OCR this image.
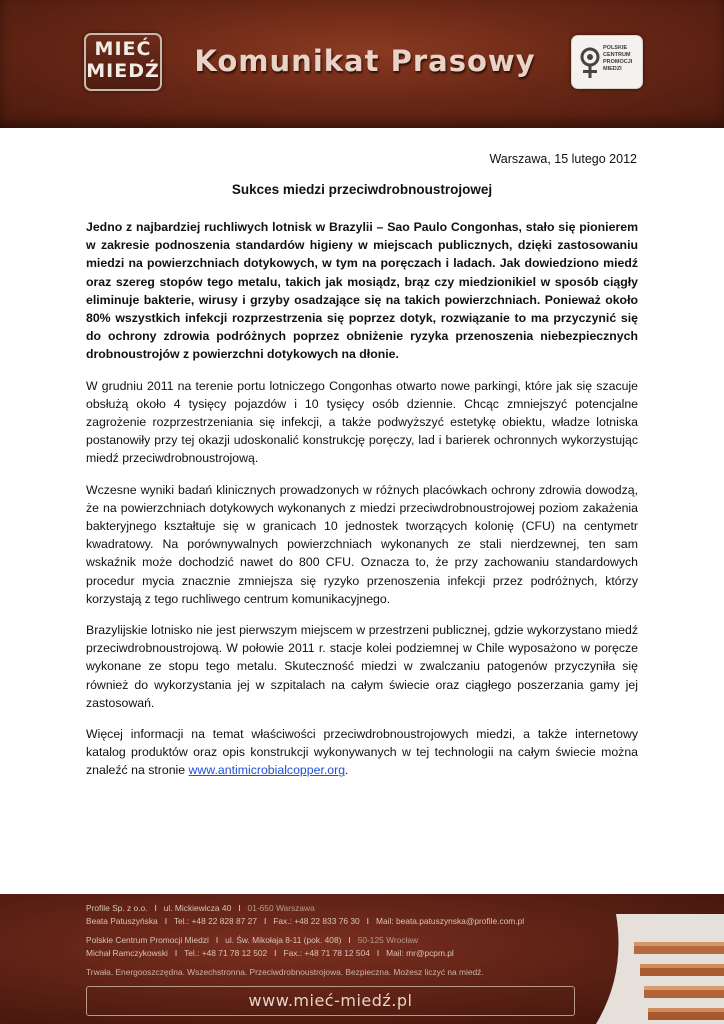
MIEĆ
MIEDŹ	Komunikat Prasowy	POLSKIE
CENTRUM
PROMOCJI
MIEDZI
Warszawa, 15 lutego 2012
Sukces miedzi przeciwdrobnoustrojowej

Jedno z najbardziej ruchliwych lotnisk w Brazylii – Sao Paulo Congonhas, stało się pionierem w zakresie podnoszenia standardów higieny w miejscach publicznych, dzięki zastosowaniu miedzi na powierzchniach dotykowych, w tym na poręczach i ladach. Jak dowiedziono miedź oraz szereg stopów tego metalu, takich jak mosiądz, brąz czy miedzionikiel w sposób ciągły eliminuje bakterie, wirusy i grzyby osadzające się na takich powierzchniach. Ponieważ około 80% wszystkich infekcji rozprzestrzenia się poprzez dotyk, rozwiązanie to ma przyczynić się do ochrony zdrowia podróżnych poprzez obniżenie ryzyka przenoszenia niebezpiecznych drobnoustrojów z powierzchni dotykowych na dłonie.

W grudniu 2011 na terenie portu lotniczego Congonhas otwarto nowe parkingi, które jak się szacuje obsłużą około 4 tysięcy pojazdów i 10 tysięcy osób dziennie. Chcąc zmniejszyć potencjalne zagrożenie rozprzestrzeniania się infekcji, a także podwyższyć estetykę obiektu, władze lotniska postanowiły przy tej okazji udoskonalić konstrukcję poręczy, lad i barierek ochronnych wykorzystując miedź przeciwdrobnoustrojową.

Wczesne wyniki badań klinicznych prowadzonych w różnych placówkach ochrony zdrowia dowodzą, że na powierzchniach dotykowych wykonanych z miedzi przeciwdrobnoustrojowej poziom zakażenia bakteryjnego kształtuje się w granicach 10 jednostek tworzących kolonię (CFU) na centymetr kwadratowy. Na porównywalnych powierzchniach wykonanych ze stali nierdzewnej, ten sam wskaźnik może dochodzić nawet do 800 CFU. Oznacza to, że przy zachowaniu standardowych procedur mycia znacznie zmniejsza się ryzyko przenoszenia infekcji przez podróżnych, którzy korzystają z tego ruchliwego centrum komunikacyjnego.

Brazylijskie lotnisko nie jest pierwszym miejscem w przestrzeni publicznej, gdzie wykorzystano miedź przeciwdrobnoustrojową. W połowie 2011 r. stacje kolei podziemnej w Chile wyposażono w poręcze wykonane ze stopu tego metalu. Skuteczność miedzi w zwalczaniu patogenów przyczyniła się również do wykorzystania jej w szpitalach na całym świecie oraz ciągłego poszerzania gamy jej zastosowań.

Więcej informacji na temat właściwości przeciwdrobnoustrojowych miedzi, a także internetowy katalog produktów oraz opis konstrukcji wykonywanych w tej technologii na całym świecie można znaleźć na stronie www.antimicrobialcopper.org.

Profile Sp. z o.o. I ul. Mickiewicza 40 I 01-650 Warszawa
Beata Patuszyńska I Tel.: +48 22 828 87 27 I Fax.: +48 22 833 76 30 I Mail: beata.patuszynska@profile.com.pl
Polskie Centrum Promocji Miedzi I ul. Św. Mikołaja 8-11 (pok. 408) I 50-125 Wrocław
Michał Ramczykowski I Tel.: +48 71 78 12 502 I Fax.: +48 71 78 12 504 I Mail: mr@pcpm.pl
Trwała. Energooszczędna. Wszechstronna. Przeciwdrobnoustrojowa. Bezpieczna. Możesz liczyć na miedź.
www.mieć-miedź.pl
